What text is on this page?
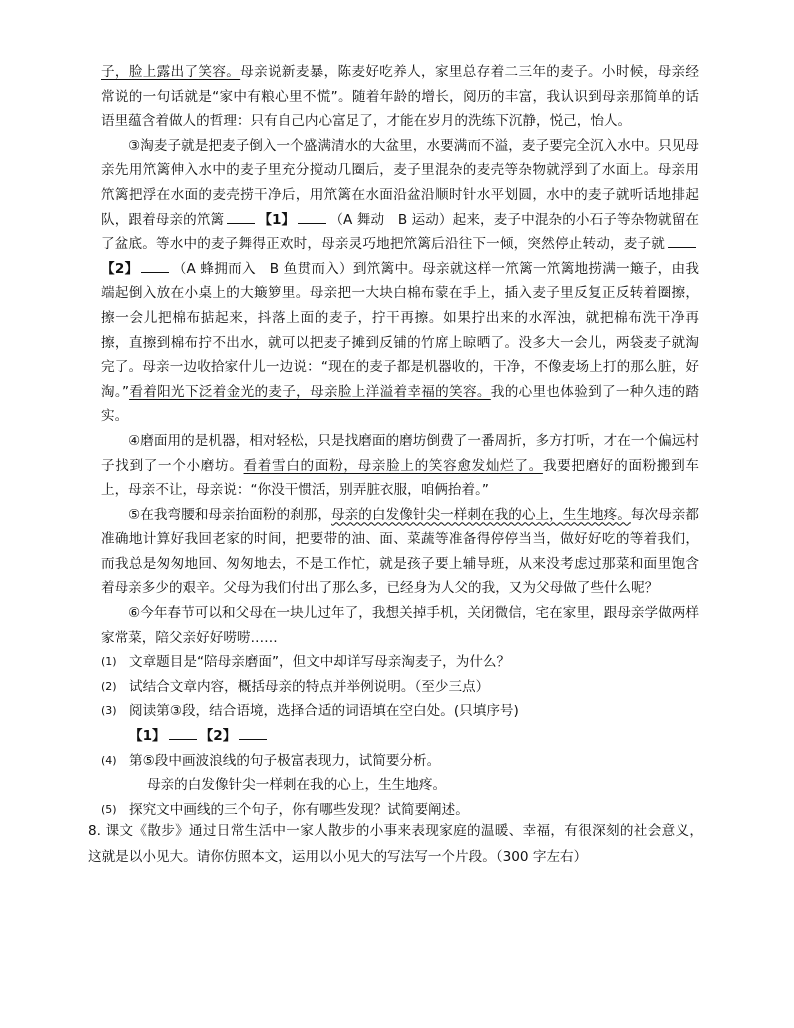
子，脸上露出了笑容。母亲说新麦暴，陈麦好吃养人，家里总存着二三年的麦子。小时候，母亲经常说的一句话就是“家中有粮心里不慌”。随着年龄的增长，阅历的丰富，我认识到母亲那简单的话语里蕴含着做人的哲理：只有自己内心富足了，才能在岁月的洗练下沉静，悦己，怡人。

③淘麦子就是把麦子倒入一个盛满清水的大盆里，水要满而不溢，麦子要完全沉入水中。只见母亲先用笊篱伸入水中的麦子里充分搅动几圈后，麦子里混杂的麦壳等杂物就浮到了水面上。母亲用笊篱把浮在水面的麦壳捞干净后，用笊篱在水面沿盆沿顺时针水平划圆，水中的麦子就听话地排起队，跟着母亲的笊篱	【1】	（A 舞动　B 运动）起来，麦子中混杂的小石子等杂物就留在了盆底。等水中的麦子舞得正欢时，母亲灵巧地把笊篱后沿往下一倾，突然停止转动，麦子就【2】	（A 蜂拥而入　B 鱼贯而入）到笊篱中。母亲就这样一笊篱一笊篱地捞满一簸子，由我端起倒入放在小桌上的大簸箩里。母亲把一大块白棉布蒙在手上，插入麦子里反复正反转着圈擦，擦一会儿把棉布掂起来，抖落上面的麦子，拧干再擦。如果拧出来的水浑浊，就把棉布洗干净再擦，直擦到棉布拧不出水，就可以把麦子摊到反铺的竹席上晾晒了。没多大一会儿，两袋麦子就淘完了。母亲一边收拾家什儿一边说：“现在的麦子都是机器收的，干净，不像麦场上打的那么脏，好淘。”看着阳光下泛着金光的麦子，母亲脸上洋溢着幸福的笑容。我的心里也体验到了一种久违的踏实。

④磨面用的是机器，相对轻松，只是找磨面的磨坊倒费了一番周折，多方打听，才在一个偏远村子找到了一个小磨坊。看着雪白的面粉，母亲脸上的笑容愈发灿烂了。我要把磨好的面粉搬到车上，母亲不让，母亲说：“你没干惯活，别弄脏衣服，咱俩抬着。”

⑤在我弯腰和母亲抬面粉的刹那，母亲的白发像针尖一样刺在我的心上，生生地疼。每次母亲都准确地计算好我回老家的时间，把要带的油、面、菜蔬等准备得停停当当，做好好吃的等着我们，而我总是匆匆地回、匆匆地去，不是工作忙，就是孩子要上辅导班，从来没考虑过那菜和面里饱含着母亲多少的艰辛。父母为我们付出了那么多，已经身为人父的我，又为父母做了些什么呢？

⑥今年春节可以和父母在一块儿过年了，我想关掉手机，关闭微信，宅在家里，跟母亲学做两样家常菜，陪父亲好好唠唠……

(1) 文章题目是“陪母亲磨面”，但文中却详写母亲淘麦子，为什么？
(2) 试结合文章内容，概括母亲的特点并举例说明。（至少三点）
(3) 阅读第③段，结合语境，选择合适的词语填在空白处。(只填序号)
【1】	【2】
(4) 第⑤段中画波浪线的句子极富表现力，试简要分析。
母亲的白发像针尖一样刺在我的心上，生生地疼。
(5) 探究文中画线的三个句子，你有哪些发现？试简要阐述。
8. 课文《散步》通过日常生活中一家人散步的小事来表现家庭的温暖、幸福，有很深刻的社会意义，这就是以小见大。请你仿照本文，运用以小见大的写法写一个片段。（300 字左右）
